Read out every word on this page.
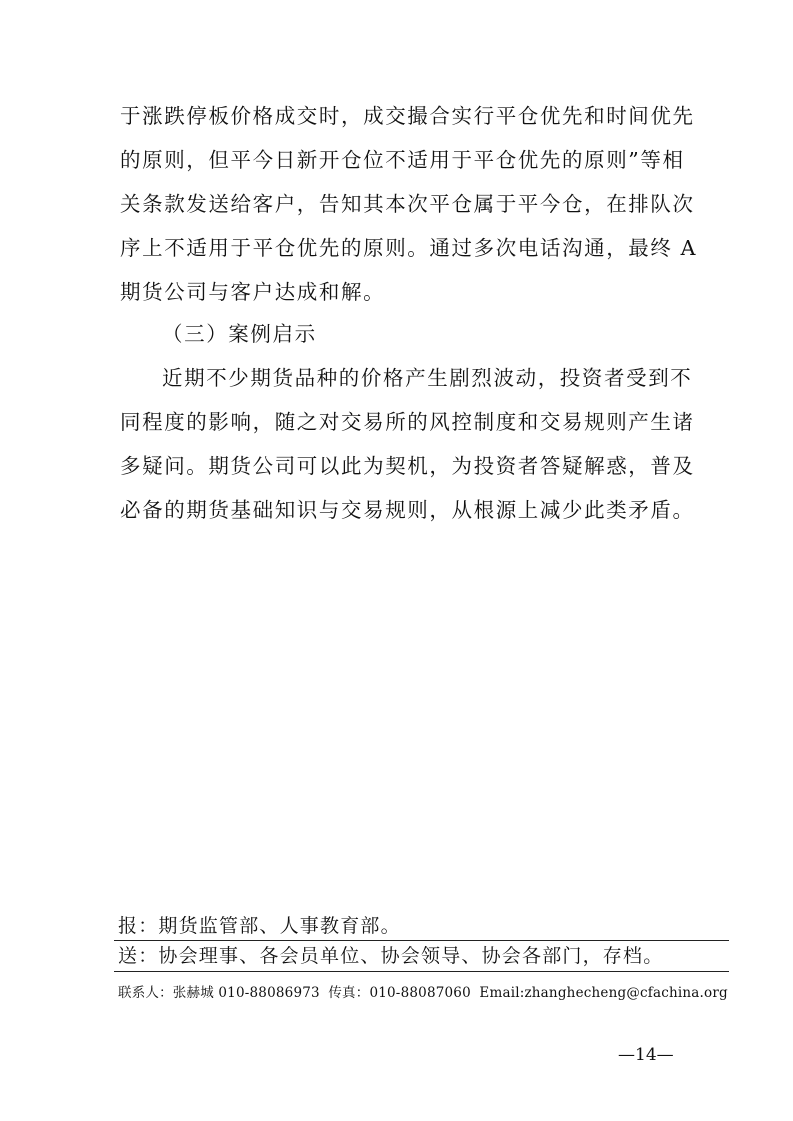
于涨跌停板价格成交时，成交撮合实行平仓优先和时间优先
的原则，但平今日新开仓位不适用于平仓优先的原则”等相
关条款发送给客户，告知其本次平仓属于平今仓，在排队次
序上不适用于平仓优先的原则。通过多次电话沟通，最终 A
期货公司与客户达成和解。
（三）案例启示
近期不少期货品种的价格产生剧烈波动，投资者受到不
同程度的影响，随之对交易所的风控制度和交易规则产生诸
多疑问。期货公司可以此为契机，为投资者答疑解惑，普及
必备的期货基础知识与交易规则，从根源上减少此类矛盾。
报：期货监管部、人事教育部。
送：协会理事、各会员单位、协会领导、协会各部门，存档。
联系人：张赫城 010-88086973 传真：010-88087060 Email:zhanghecheng@cfachina.org
—14—
